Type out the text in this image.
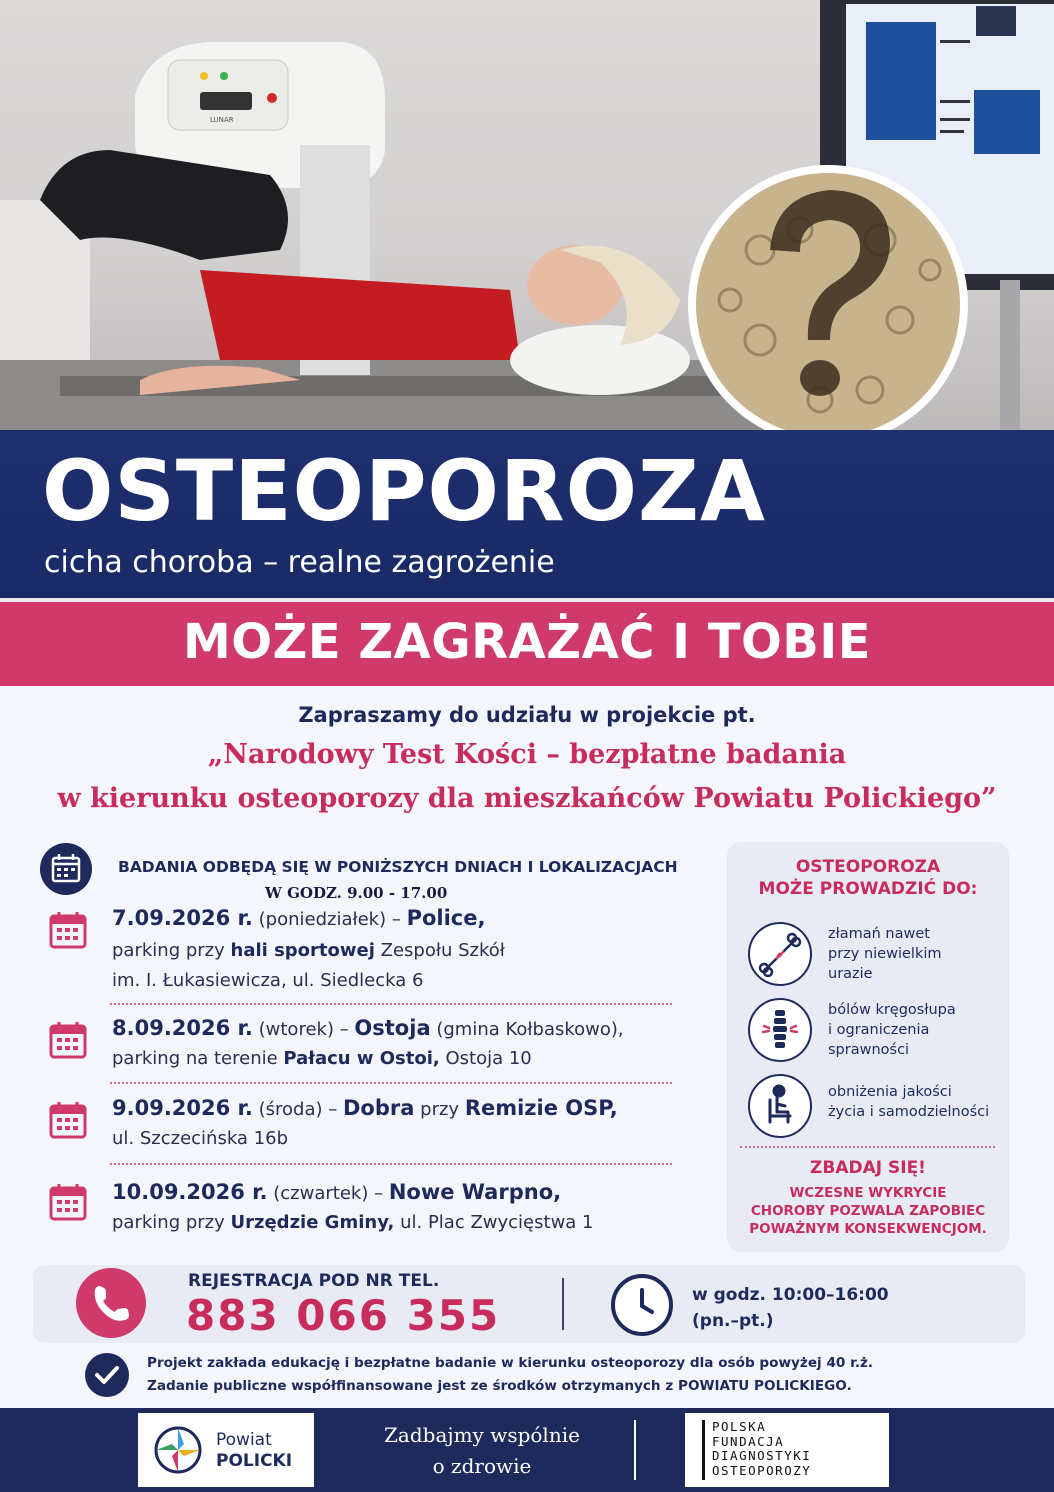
LUNAR
OSTEOPOROZA
cicha choroba – realne zagrożenie
MOŻE ZAGRAŻAĆ I TOBIE
Zapraszamy do udziału w projekcie pt.
„Narodowy Test Kości – bezpłatne badania
w kierunku osteoporozy dla mieszkańców Powiatu Polickiego”
BADANIA ODBĘDĄ SIĘ W PONIŻSZYCH DNIACH I LOKALIZACJACH
W GODZ. 9.00 - 17.00
7.09.2026 r. (poniedziałek) – Police,
parking przy hali sportowej Zespołu Szkół
im. I. Łukasiewicza, ul. Siedlecka 6
8.09.2026 r. (wtorek) – Ostoja (gmina Kołbaskowo),
parking na terenie Pałacu w Ostoi, Ostoja 10
9.09.2026 r. (środa) – Dobra przy Remizie OSP,
ul. Szczecińska 16b
10.09.2026 r. (czwartek) – Nowe Warpno,
parking przy Urzędzie Gminy, ul. Plac Zwycięstwa 1
OSTEOPOROZA
MOŻE PROWADZIĆ DO:
złamań nawet
przy niewielkim
urazie
bólów kręgosłupa
i ograniczenia
sprawności
obniżenia jakości
życia i samodzielności
ZBADAJ SIĘ!
WCZESNE WYKRYCIE
CHOROBY POZWALA ZAPOBIEC
POWAŻNYM KONSEKWENCJOM.
REJESTRACJA POD NR TEL.
883 066 355	w godz. 10:00–16:00
(pn.–pt.)
Projekt zakłada edukację i bezpłatne badanie w kierunku osteoporozy dla osób powyżej 40 r.ż.
Zadanie publiczne współfinansowane jest ze środków otrzymanych z POWIATU POLICKIEGO.
Powiat
POLICKI
Zadbajmy wspólnie
o zdrowie
POLSKA
FUNDACJA
DIAGNOSTYKI
OSTEOPOROZY
